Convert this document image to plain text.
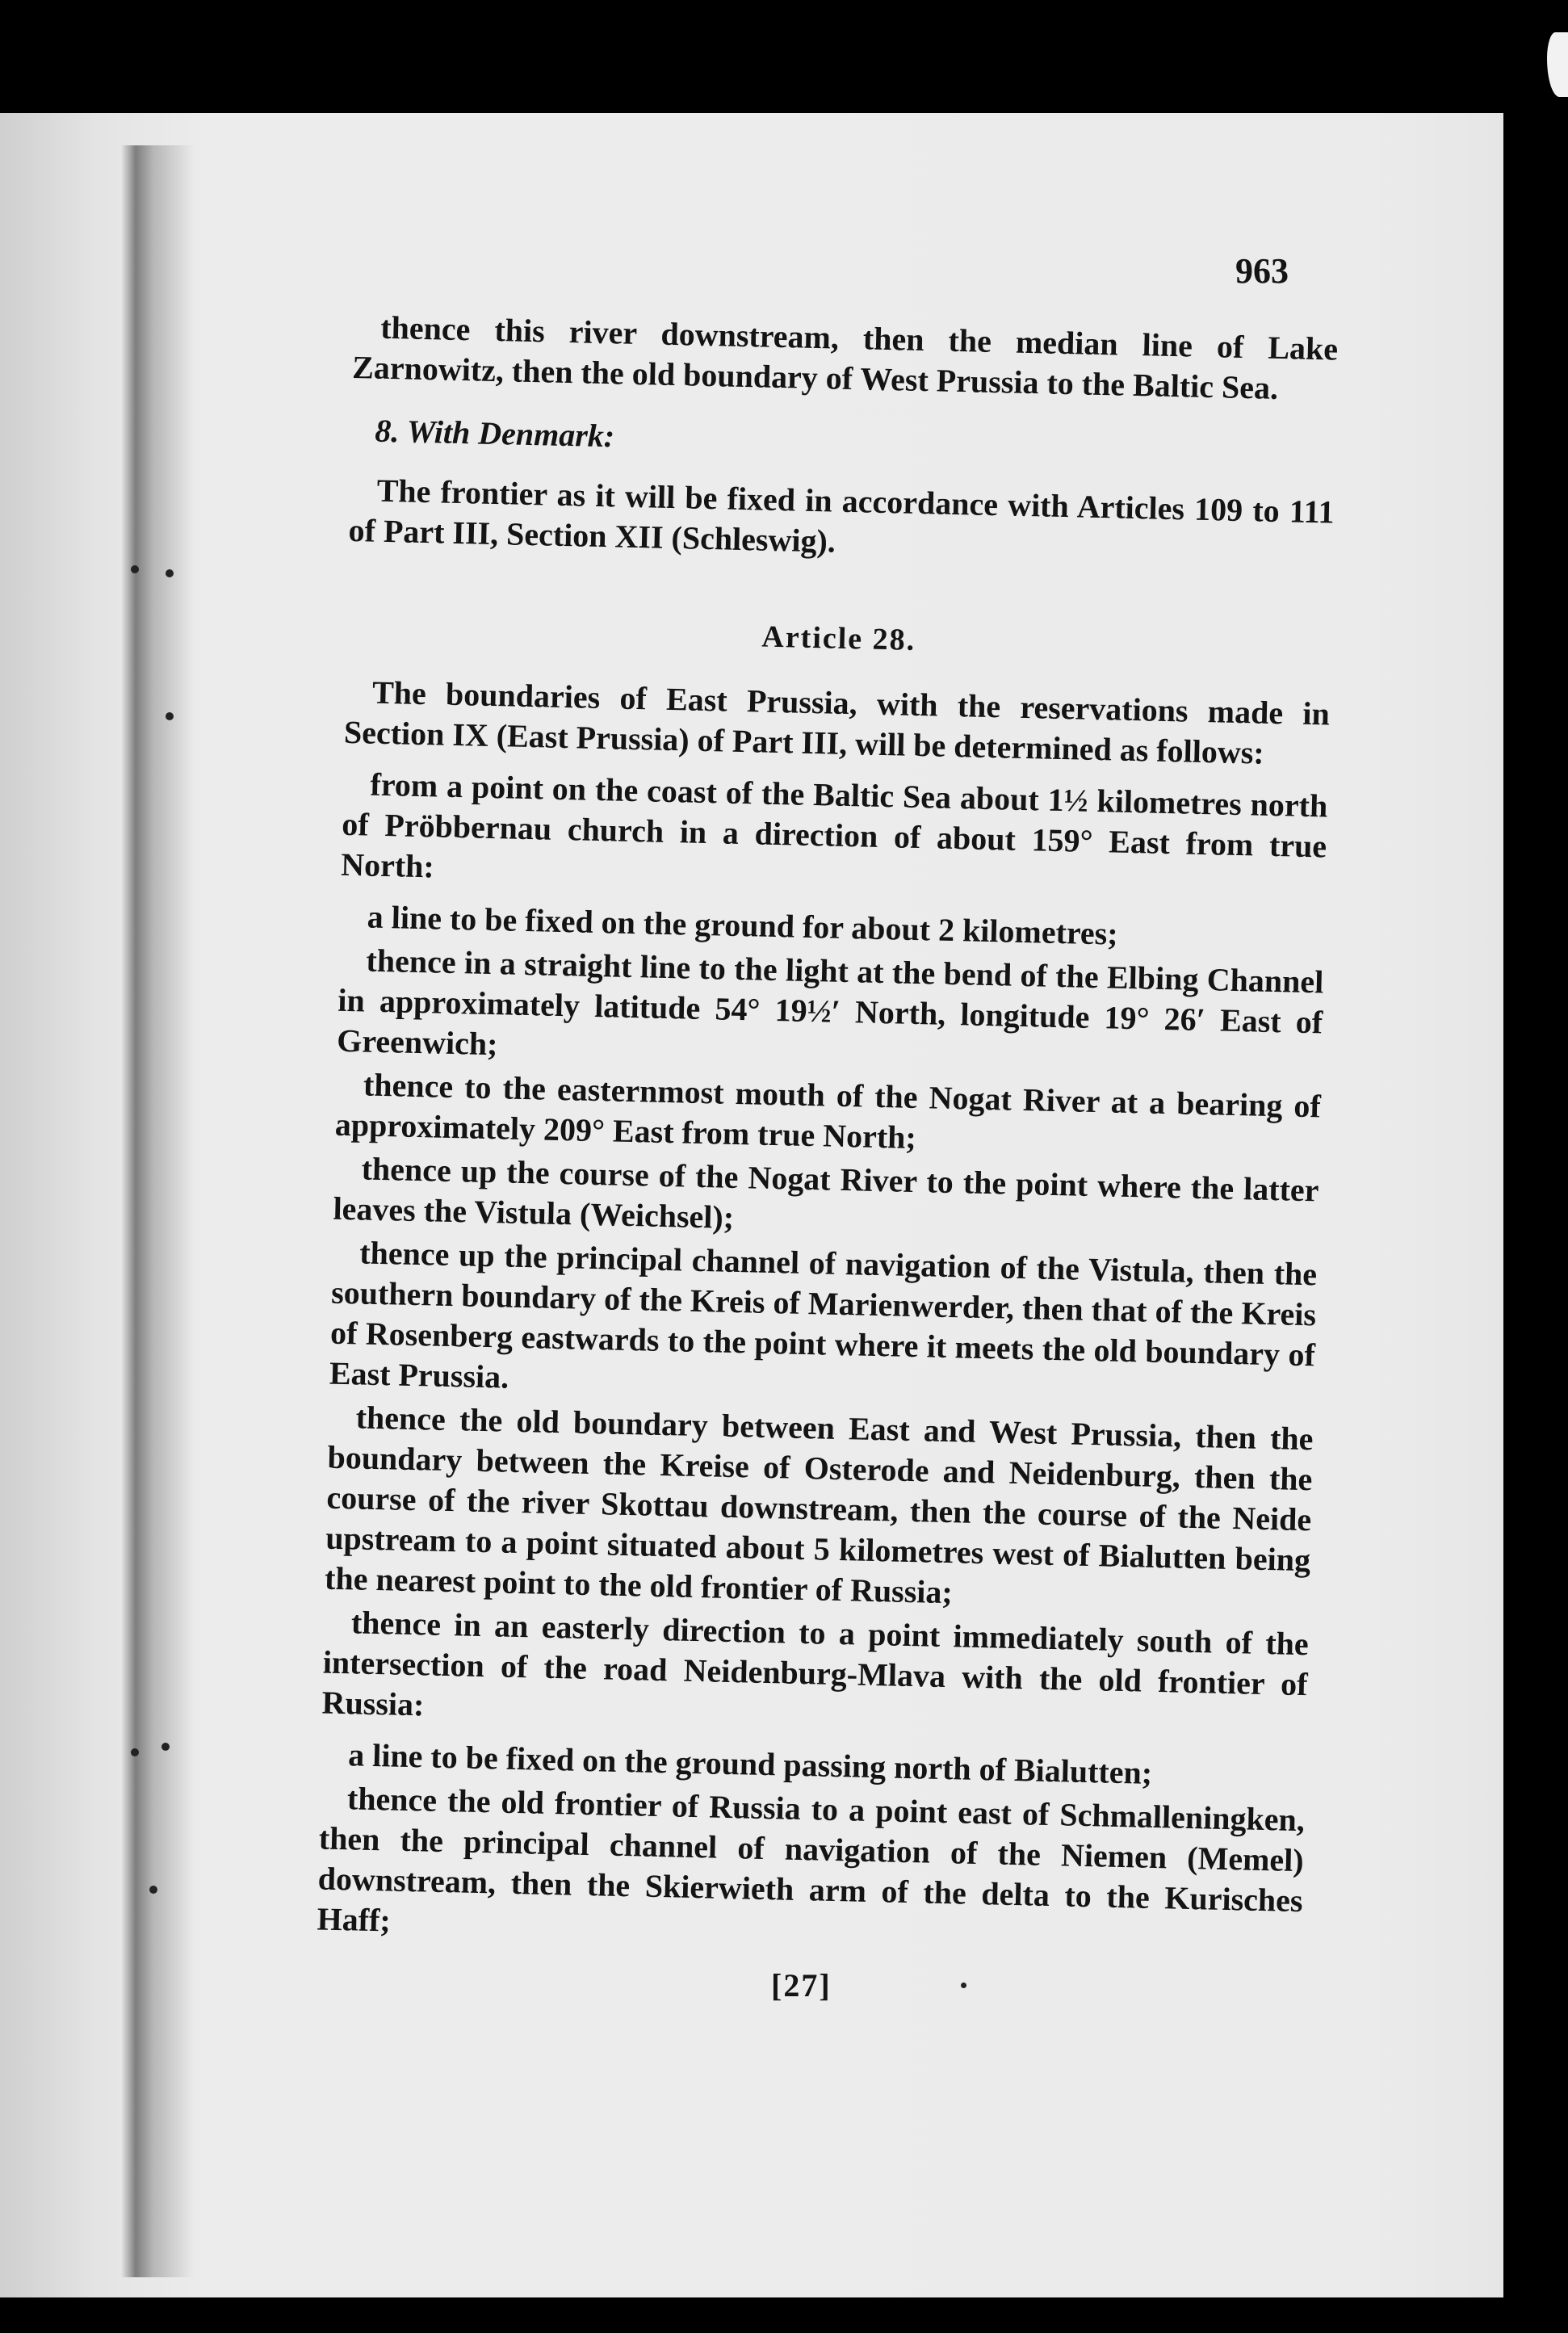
963

thence this river downstream, then the median line of Lake Zarnowitz, then the old boundary of West Prussia to the Baltic Sea.

8. With Denmark:

The frontier as it will be fixed in accordance with Articles 109 to 111 of Part III, Section XII (Schleswig).

Article 28.

The boundaries of East Prussia, with the reservations made in Section IX (East Prussia) of Part III, will be determined as follows:

from a point on the coast of the Baltic Sea about 1½ kilometres north of Pröbbernau church in a direction of about 159° East from true North:

a line to be fixed on the ground for about 2 kilometres;

thence in a straight line to the light at the bend of the Elbing Channel in approximately latitude 54° 19½′ North, longitude 19° 26′ East of Greenwich;

thence to the easternmost mouth of the Nogat River at a bearing of approximately 209° East from true North;

thence up the course of the Nogat River to the point where the latter leaves the Vistula (Weichsel);

thence up the principal channel of navigation of the Vistula, then the southern boundary of the Kreis of Marienwerder, then that of the Kreis of Rosenberg eastwards to the point where it meets the old boundary of East Prussia.

thence the old boundary between East and West Prussia, then the boundary between the Kreise of Osterode and Neidenburg, then the course of the river Skottau downstream, then the course of the Neide upstream to a point situated about 5 kilometres west of Bialutten being the nearest point to the old frontier of Russia;

thence in an easterly direction to a point immediately south of the intersection of the road Neidenburg-Mlava with the old frontier of Russia:

a line to be fixed on the ground passing north of Bialutten;

thence the old frontier of Russia to a point east of Schmalleningken, then the principal channel of navigation of the Niemen (Memel) downstream, then the Skierwieth arm of the delta to the Kurisches Haff;

[27]
